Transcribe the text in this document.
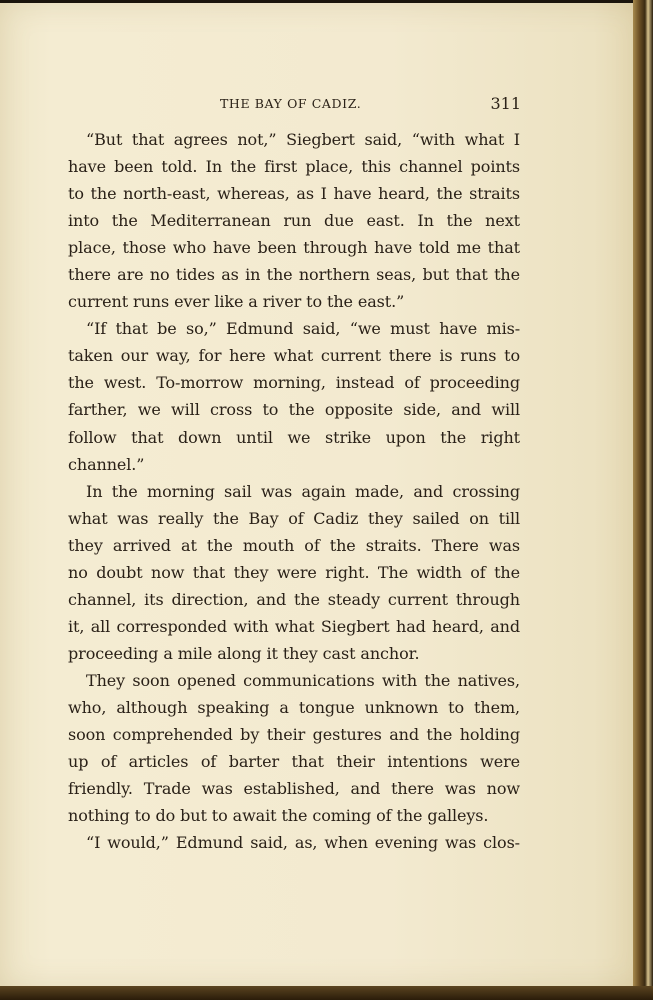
THE BAY OF CADIZ.	311
“But that agrees not,” Siegbert said, “with what I
have been told. In the first place, this channel points
to the north-east, whereas, as I have heard, the straits
into the Mediterranean run due east. In the next
place, those who have been through have told me that
there are no tides as in the northern seas, but that the
current runs ever like a river to the east.”
“If that be so,” Edmund said, “we must have mis-
taken our way, for here what current there is runs to
the west. To-morrow morning, instead of proceeding
farther, we will cross to the opposite side, and will
follow that down until we strike upon the right
channel.”
In the morning sail was again made, and crossing
what was really the Bay of Cadiz they sailed on till
they arrived at the mouth of the straits. There was
no doubt now that they were right. The width of the
channel, its direction, and the steady current through
it, all corresponded with what Siegbert had heard, and
proceeding a mile along it they cast anchor.
They soon opened communications with the natives,
who, although speaking a tongue unknown to them,
soon comprehended by their gestures and the holding
up of articles of barter that their intentions were
friendly. Trade was established, and there was now
nothing to do but to await the coming of the galleys.
“I would,” Edmund said, as, when evening was clos-
